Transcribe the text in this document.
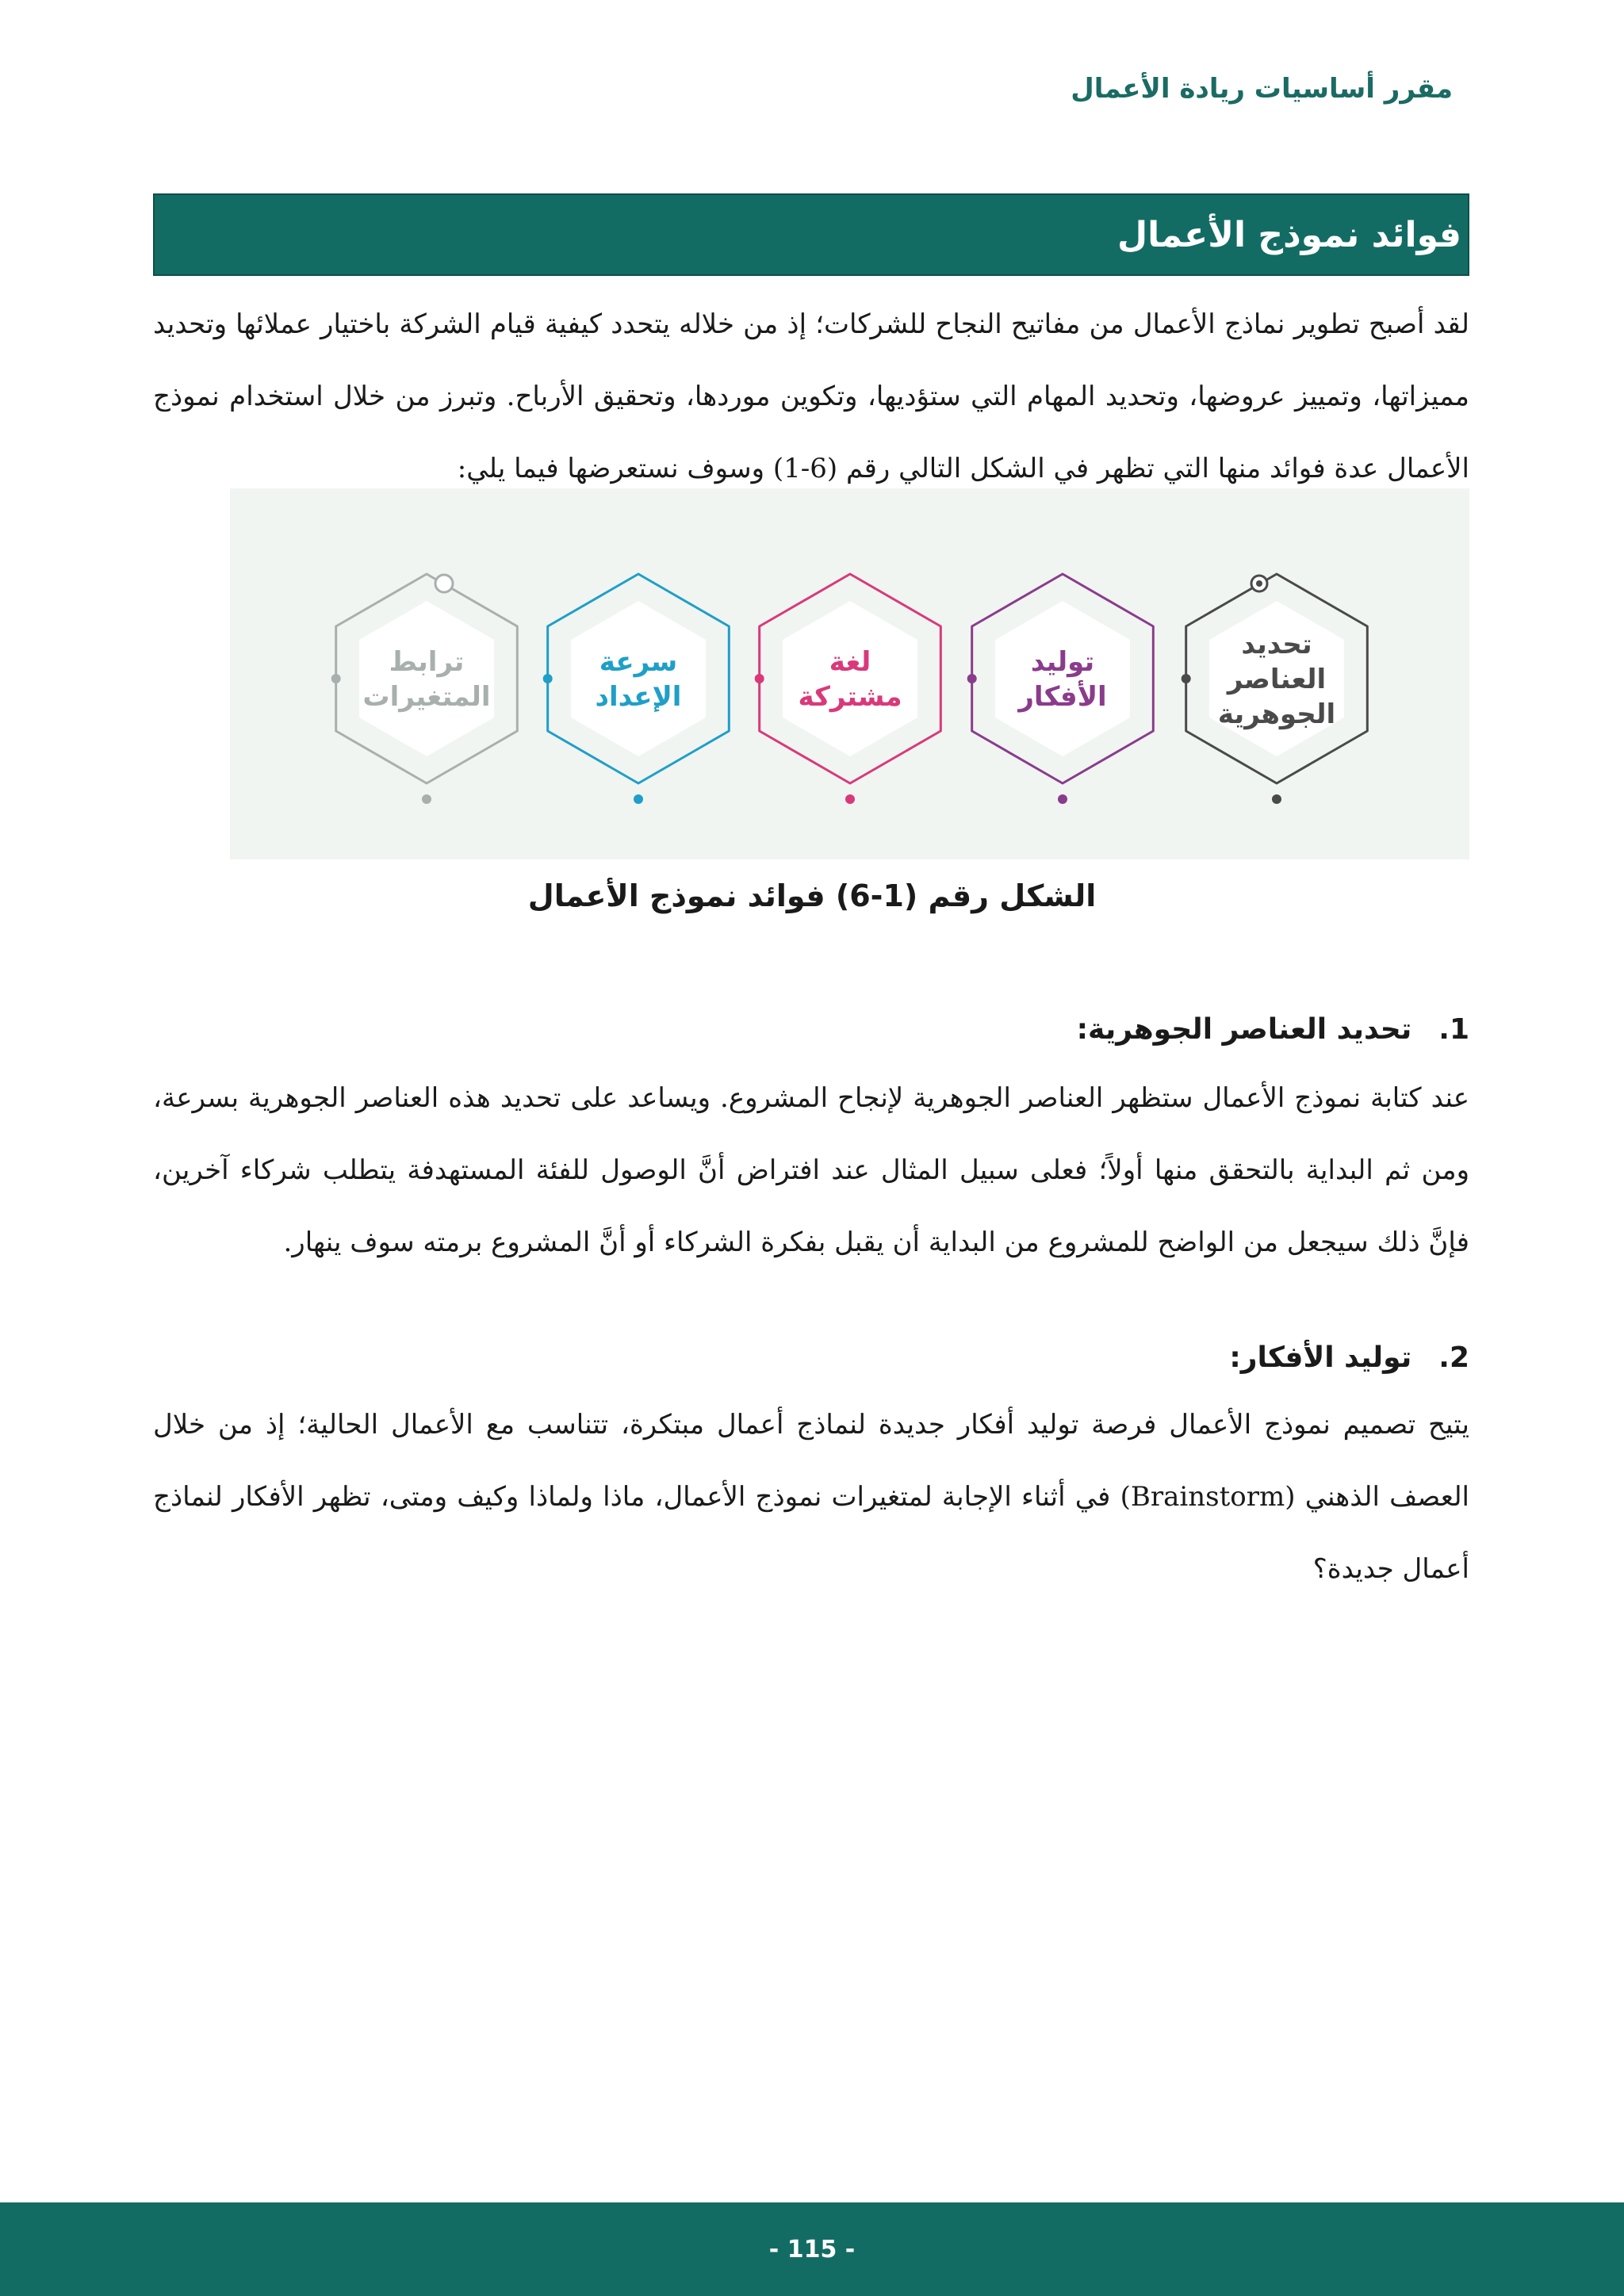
مقرر أساسيات ريادة الأعمال
فوائد نموذج الأعمال

لقد أصبح تطوير نماذج الأعمال من مفاتيح النجاح للشركات؛ إذ من خلاله يتحدد كيفية قيام الشركة باختيار عملائها وتحديد مميزاتها، وتمييز عروضها، وتحديد المهام التي ستؤديها، وتكوين موردها، وتحقيق الأرباح. وتبرز من خلال استخدام نموذج الأعمال عدة فوائد منها التي تظهر في الشكل التالي رقم (6-1) وسوف نستعرضها فيما يلي:

تحديد
العناصر
الجوهرية
توليد
الأفكار
لغة
مشتركة
سرعة
الإعداد
ترابط
المتغيرات
الشكل رقم (1-6) فوائد نموذج الأعمال
1.
تحديد العناصر الجوهرية:

عند كتابة نموذج الأعمال ستظهر العناصر الجوهرية لإنجاح المشروع. ويساعد على تحديد هذه العناصر الجوهرية بسرعة، ومن ثم البداية بالتحقق منها أولاً؛ فعلى سبيل المثال عند افتراض أنَّ الوصول للفئة المستهدفة يتطلب شركاء آخرين، فإنَّ ذلك سيجعل من الواضح للمشروع من البداية أن يقبل بفكرة الشركاء أو أنَّ المشروع برمته سوف ينهار.

2.
توليد الأفكار:

يتيح تصميم نموذج الأعمال فرصة توليد أفكار جديدة لنماذج أعمال مبتكرة، تتناسب مع الأعمال الحالية؛ إذ من خلال العصف الذهني (Brainstorm) في أثناء الإجابة لمتغيرات نموذج الأعمال، ماذا ولماذا وكيف ومتى، تظهر الأفكار لنماذج أعمال جديدة؟

- 115 -
